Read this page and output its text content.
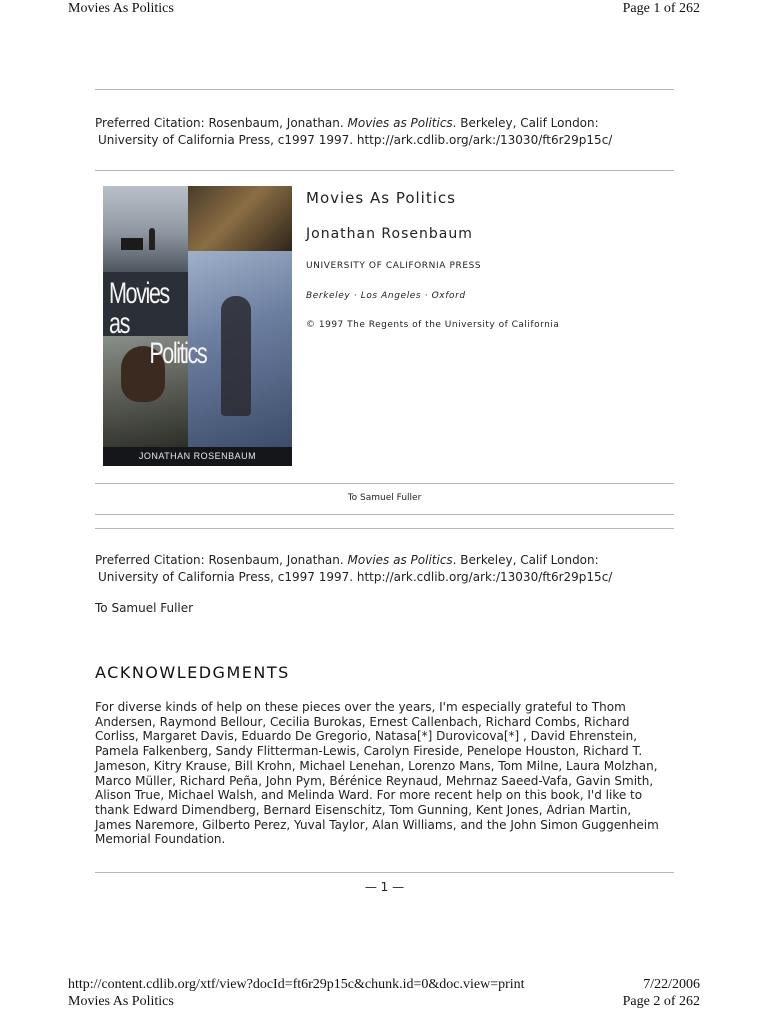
Movies As Politics	Page 1 of 262
Preferred Citation: Rosenbaum, Jonathan. Movies as Politics. Berkeley, Calif London:
University of California Press, c1997 1997. http://ark.cdlib.org/ark:/13030/ft6r29p15c/
Movies as
Politics
JONATHAN ROSENBAUM
Movies As Politics
Jonathan Rosenbaum
UNIVERSITY OF CALIFORNIA PRESS
Berkeley · Los Angeles · Oxford
© 1997 The Regents of the University of California
To Samuel Fuller
Preferred Citation: Rosenbaum, Jonathan. Movies as Politics. Berkeley, Calif London:
University of California Press, c1997 1997. http://ark.cdlib.org/ark:/13030/ft6r29p15c/
To Samuel Fuller
ACKNOWLEDGMENTS
For diverse kinds of help on these pieces over the years, I'm especially grateful to Thom
Andersen, Raymond Bellour, Cecilia Burokas, Ernest Callenbach, Richard Combs, Richard
Corliss, Margaret Davis, Eduardo De Gregorio, Natasa[*] Durovicova[*] , David Ehrenstein,
Pamela Falkenberg, Sandy Flitterman-Lewis, Carolyn Fireside, Penelope Houston, Richard T.
Jameson, Kitry Krause, Bill Krohn, Michael Lenehan, Lorenzo Mans, Tom Milne, Laura Molzhan,
Marco Müller, Richard Peña, John Pym, Bérénice Reynaud, Mehrnaz Saeed-Vafa, Gavin Smith,
Alison True, Michael Walsh, and Melinda Ward. For more recent help on this book, I'd like to
thank Edward Dimendberg, Bernard Eisenschitz, Tom Gunning, Kent Jones, Adrian Martin,
James Naremore, Gilberto Perez, Yuval Taylor, Alan Williams, and the John Simon Guggenheim
Memorial Foundation.
— 1 —
http://content.cdlib.org/xtf/view?docId=ft6r29p15c&chunk.id=0&doc.view=print	7/22/2006
Movies As Politics	Page 2 of 262
